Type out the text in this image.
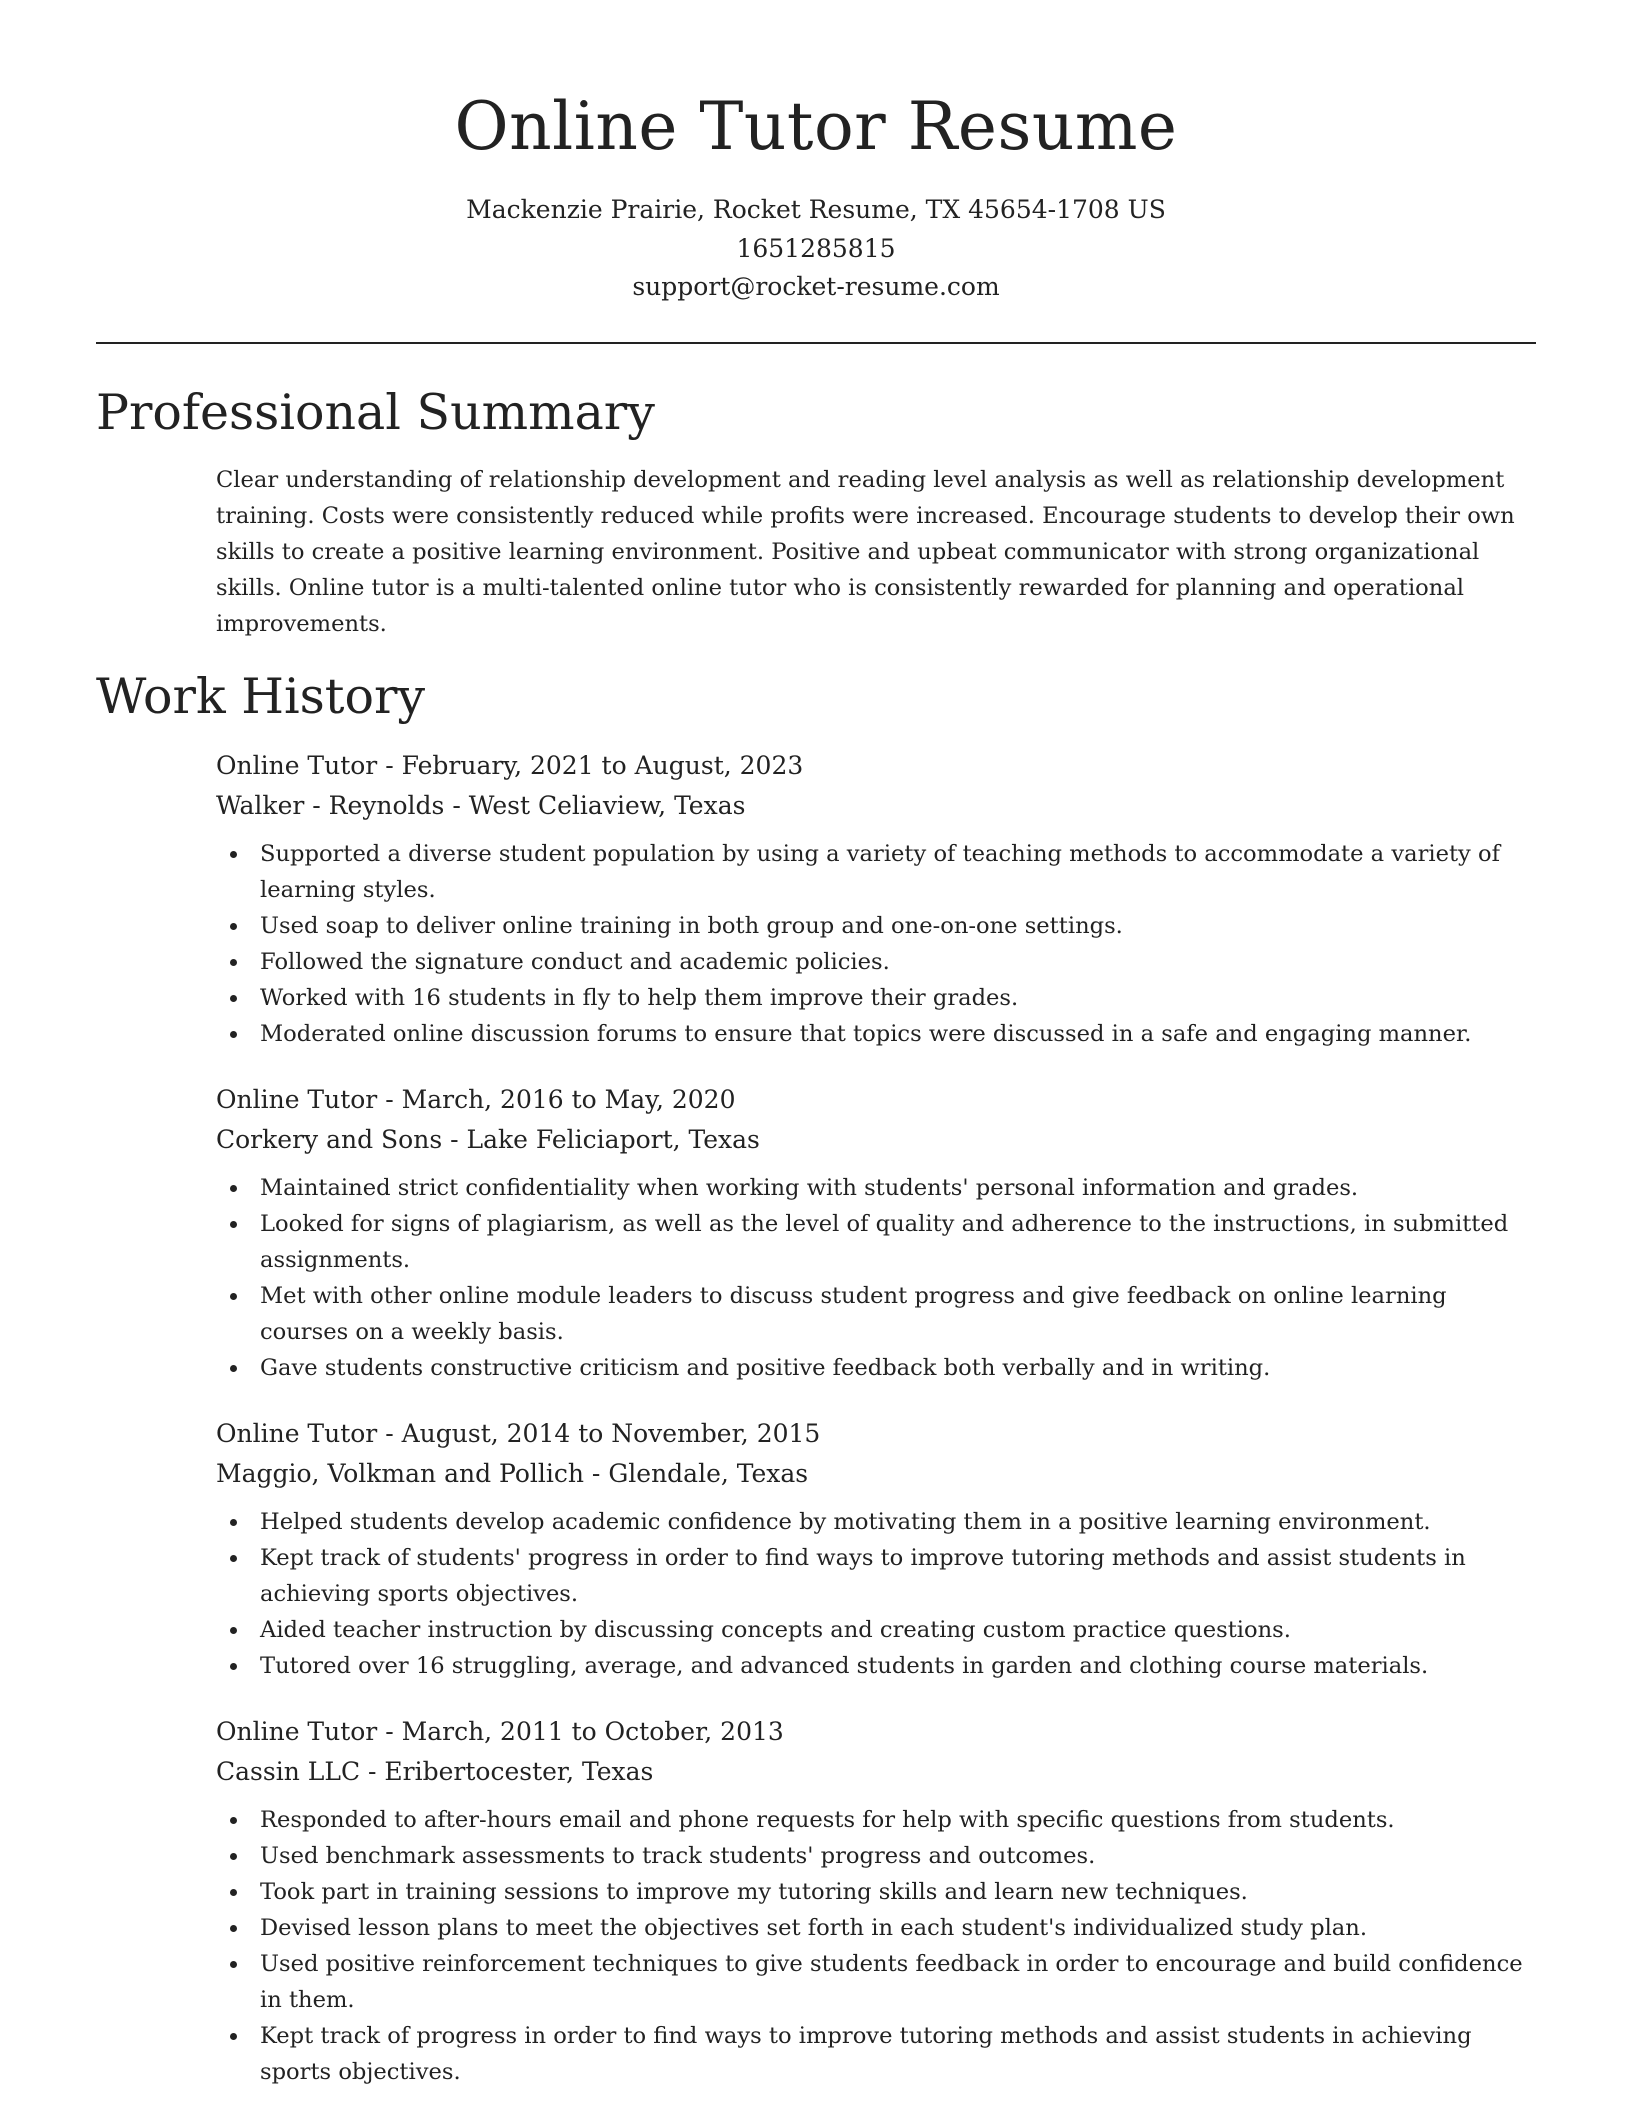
Online Tutor Resume
Mackenzie Prairie, Rocket Resume, TX 45654-1708 US
1651285815
support@rocket-resume.com
Professional Summary

Clear understanding of relationship development and reading level analysis as well as relationship development training. Costs were consistently reduced while profits were increased. Encourage students to develop their own skills to create a positive learning environment. Positive and upbeat communicator with strong organizational skills. Online tutor is a multi-talented online tutor who is consistently rewarded for planning and operational improvements.

Work History
Online Tutor - February, 2021 to August, 2023
Walker - Reynolds - West Celiaview, Texas
Supported a diverse student population by using a variety of teaching methods to accommodate a variety of learning styles.
Used soap to deliver online training in both group and one-on-one settings.
Followed the signature conduct and academic policies.
Worked with 16 students in fly to help them improve their grades.
Moderated online discussion forums to ensure that topics were discussed in a safe and engaging manner.
Online Tutor - March, 2016 to May, 2020
Corkery and Sons - Lake Feliciaport, Texas
Maintained strict confidentiality when working with students' personal information and grades.
Looked for signs of plagiarism, as well as the level of quality and adherence to the instructions, in submitted assignments.
Met with other online module leaders to discuss student progress and give feedback on online learning courses on a weekly basis.
Gave students constructive criticism and positive feedback both verbally and in writing.
Online Tutor - August, 2014 to November, 2015
Maggio, Volkman and Pollich - Glendale, Texas
Helped students develop academic confidence by motivating them in a positive learning environment.
Kept track of students' progress in order to find ways to improve tutoring methods and assist students in achieving sports objectives.
Aided teacher instruction by discussing concepts and creating custom practice questions.
Tutored over 16 struggling, average, and advanced students in garden and clothing course materials.
Online Tutor - March, 2011 to October, 2013
Cassin LLC - Eribertocester, Texas
Responded to after-hours email and phone requests for help with specific questions from students.
Used benchmark assessments to track students' progress and outcomes.
Took part in training sessions to improve my tutoring skills and learn new techniques.
Devised lesson plans to meet the objectives set forth in each student's individualized study plan.
Used positive reinforcement techniques to give students feedback in order to encourage and build confidence in them.
Kept track of progress in order to find ways to improve tutoring methods and assist students in achieving sports objectives.
